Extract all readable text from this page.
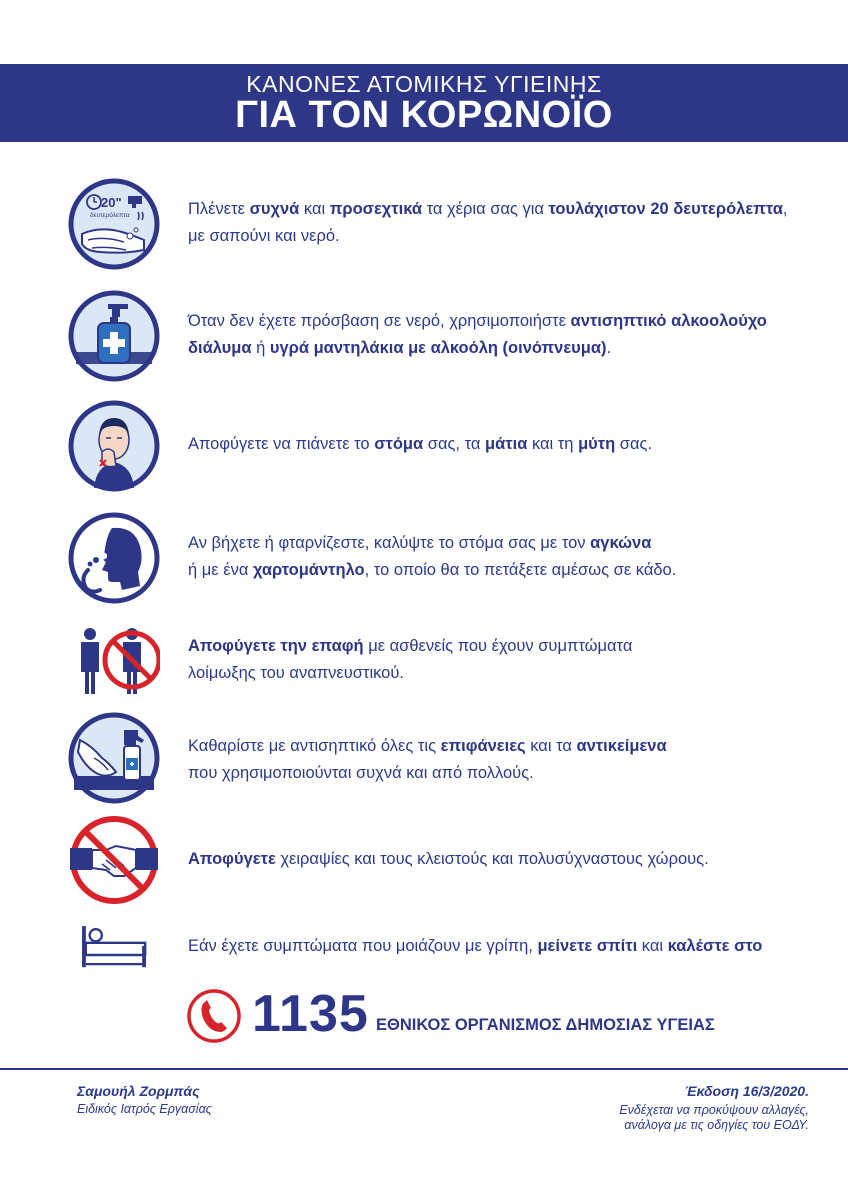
ΚΑΝΟΝΕΣ ΑΤΟΜΙΚΗΣ ΥΓΙΕΙΝΗΣ
ΓΙΑ ΤΟΝ ΚΟΡΩΝΟΪΟ
20"
δευτερόλεπτα	Πλένετε συχνά και προσεχτικά τα χέρια σας για τουλάχιστον 20 δευτερόλεπτα,
με σαπούνι και νερό.
Όταν δεν έχετε πρόσβαση σε νερό, χρησιμοποιήστε αντισηπτικό αλκοολούχο
διάλυμα ή υγρά μαντηλάκια με αλκοόλη (οινόπνευμα).
Αποφύγετε να πιάνετε το στόμα σας, τα μάτια και τη μύτη σας.
Αν βήχετε ή φταρνίζεστε, καλύψτε το στόμα σας με τον αγκώνα
ή με ένα χαρτομάντηλο, το οποίο θα το πετάξετε αμέσως σε κάδο.
Αποφύγετε την επαφή με ασθενείς που έχουν συμπτώματα
λοίμωξης του αναπνευστικού.
Καθαρίστε με αντισηπτικό όλες τις επιφάνειες και τα αντικείμενα
που χρησιμοποιούνται συχνά και από πολλούς.
Αποφύγετε χειραψίες και τους κλειστούς και πολυσύχναστους χώρους.
Εάν έχετε συμπτώματα που μοιάζουν με γρίπη, μείνετε σπίτι και καλέστε στο
1135 ΕΘΝΙΚΟΣ ΟΡΓΑΝΙΣΜΟΣ ΔΗΜΟΣΙΑΣ ΥΓΕΙΑΣ
Σαμουήλ Ζορμπάς
Ειδικός Ιατρός Εργασίας
Έκδοση 16/3/2020.
Ενδέχεται να προκύψουν αλλαγές,
ανάλογα με τις οδηγίες του ΕΟΔΥ.
